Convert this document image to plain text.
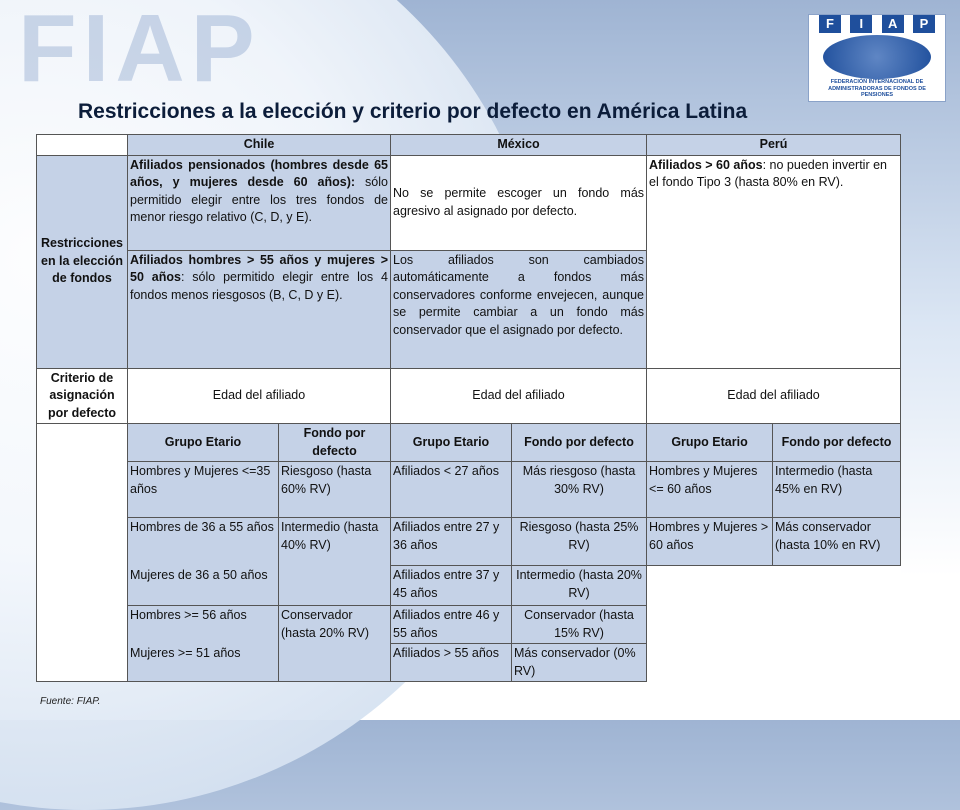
FIAP	F	I	A	P
FEDERACIÓN INTERNACIONAL DE ADMINISTRADORAS DE FONDOS DE PENSIONES
Restricciones a la elección y criterio por defecto en América Latina
	Chile		México		Perú	
Restricciones en la elección de fondos	Afiliados pensionados (hombres desde 65 años, y mujeres desde 60 años): sólo permitido elegir entre los tres fondos de menor riesgo relativo (C, D, y E).		No se permite escoger un fondo más agresivo al asignado por defecto.		Afiliados > 60 años: no pueden invertir en el fondo Tipo 3 (hasta 80% en RV).	
	Afiliados hombres > 55 años y mujeres > 50 años: sólo permitido elegir entre los 4 fondos menos riesgosos (B, C, D y E).		Los afiliados son cambiados automáticamente a fondos más conservadores conforme envejecen, aunque se permite cambiar a un fondo más conservador que el asignado por defecto.			
Criterio de asignación por defecto	Edad del afiliado		Edad del afiliado		Edad del afiliado	
	Grupo Etario	Fondo por defecto	Grupo Etario	Fondo por defecto	Grupo Etario	Fondo por defecto
	Hombres y Mujeres <=35 años	Riesgoso (hasta 60% RV)	Afiliados < 27 años	Más riesgoso (hasta 30% RV)	Hombres y Mujeres <= 60 años	Intermedio (hasta 45% en RV)
	Hombres de 36 a 55 años	Intermedio (hasta 40% RV)	Afiliados entre 27 y 36 años	Riesgoso (hasta 25% RV)	Hombres y Mujeres > 60 años	Más conservador (hasta 10% en RV)
	Mujeres de 36 a 50 años		Afiliados entre 37 y 45 años	Intermedio (hasta 20% RV)		
	Hombres >= 56 años	Conservador (hasta 20% RV)	Afiliados entre 46 y 55 años	Conservador (hasta 15% RV)		
	Mujeres >= 51 años		Afiliados > 55 años	Más conservador (0% RV)		
Fuente: FIAP.
